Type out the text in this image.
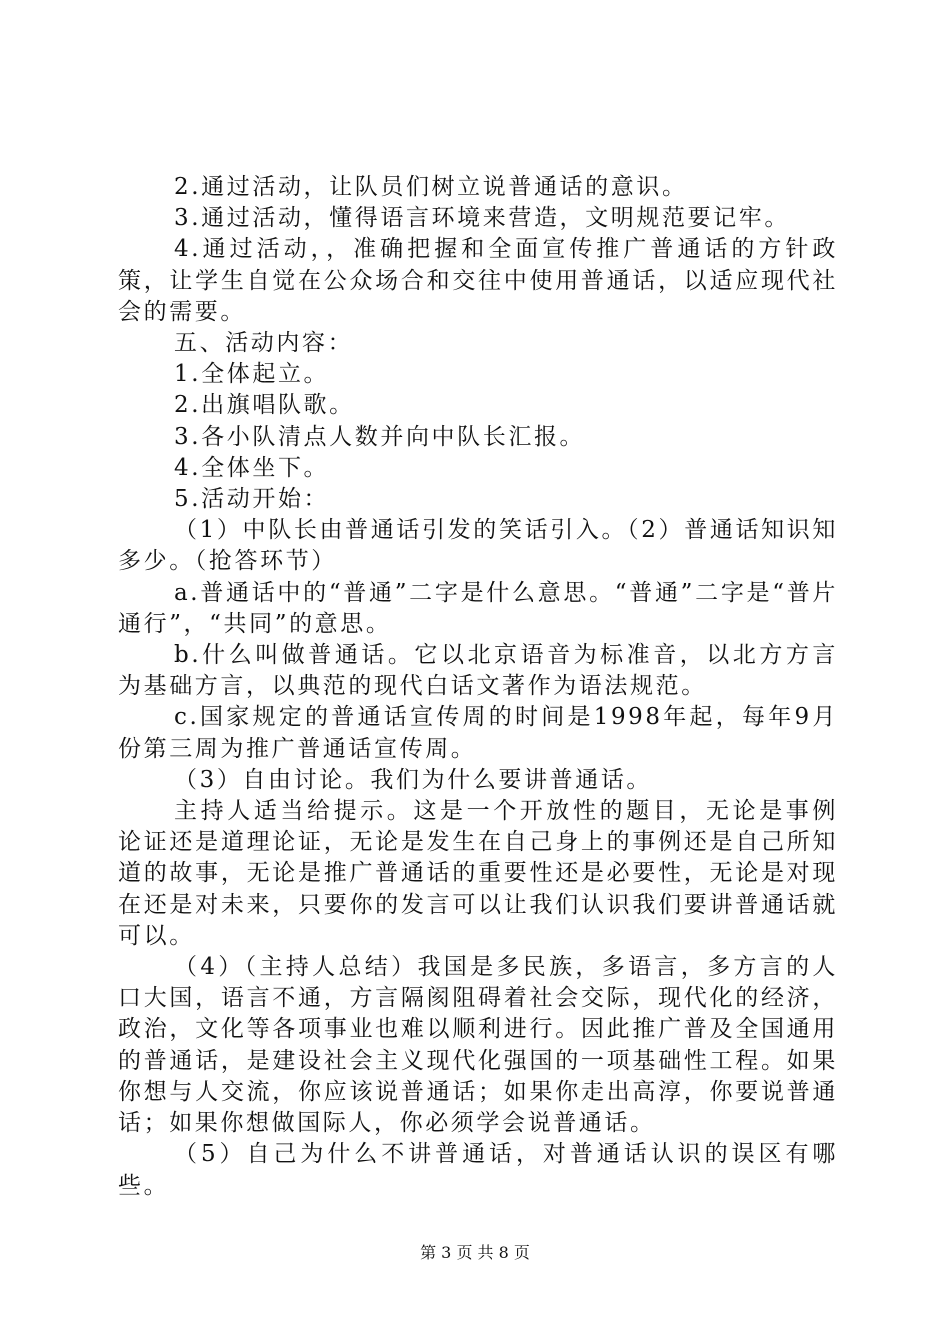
2.通过活动，让队员们树立说普通话的意识。

3.通过活动，懂得语言环境来营造，文明规范要记牢。

4.通过活动，，准确把握和全面宣传推广普通话的方针政策，让学生自觉在公众场合和交往中使用普通话，以适应现代社会的需要。

五、活动内容：

1.全体起立。

2.出旗唱队歌。

3.各小队清点人数并向中队长汇报。

4.全体坐下。

5.活动开始：

（1）中队长由普通话引发的笑话引入。（2）普通话知识知多少。（抢答环节）

a.普通话中的“普通”二字是什么意思。“普通”二字是“普片通行”，“共同”的意思。

b.什么叫做普通话。它以北京语音为标准音，以北方方言为基础方言，以典范的现代白话文著作为语法规范。

c.国家规定的普通话宣传周的时间是1998年起，每年9月份第三周为推广普通话宣传周。

（3）自由讨论。我们为什么要讲普通话。

主持人适当给提示。这是一个开放性的题目，无论是事例论证还是道理论证，无论是发生在自己身上的事例还是自己所知道的故事，无论是推广普通话的重要性还是必要性，无论是对现在还是对未来，只要你的发言可以让我们认识我们要讲普通话就可以。

（4）（主持人总结）我国是多民族，多语言，多方言的人口大国，语言不通，方言隔阂阻碍着社会交际，现代化的经济，政治，文化等各项事业也难以顺利进行。因此推广普及全国通用的普通话，是建设社会主义现代化强国的一项基础性工程。如果你想与人交流，你应该说普通话；如果你走出高淳，你要说普通话；如果你想做国际人，你必须学会说普通话。

（5）自己为什么不讲普通话，对普通话认识的误区有哪些。

第 3 页 共 8 页
